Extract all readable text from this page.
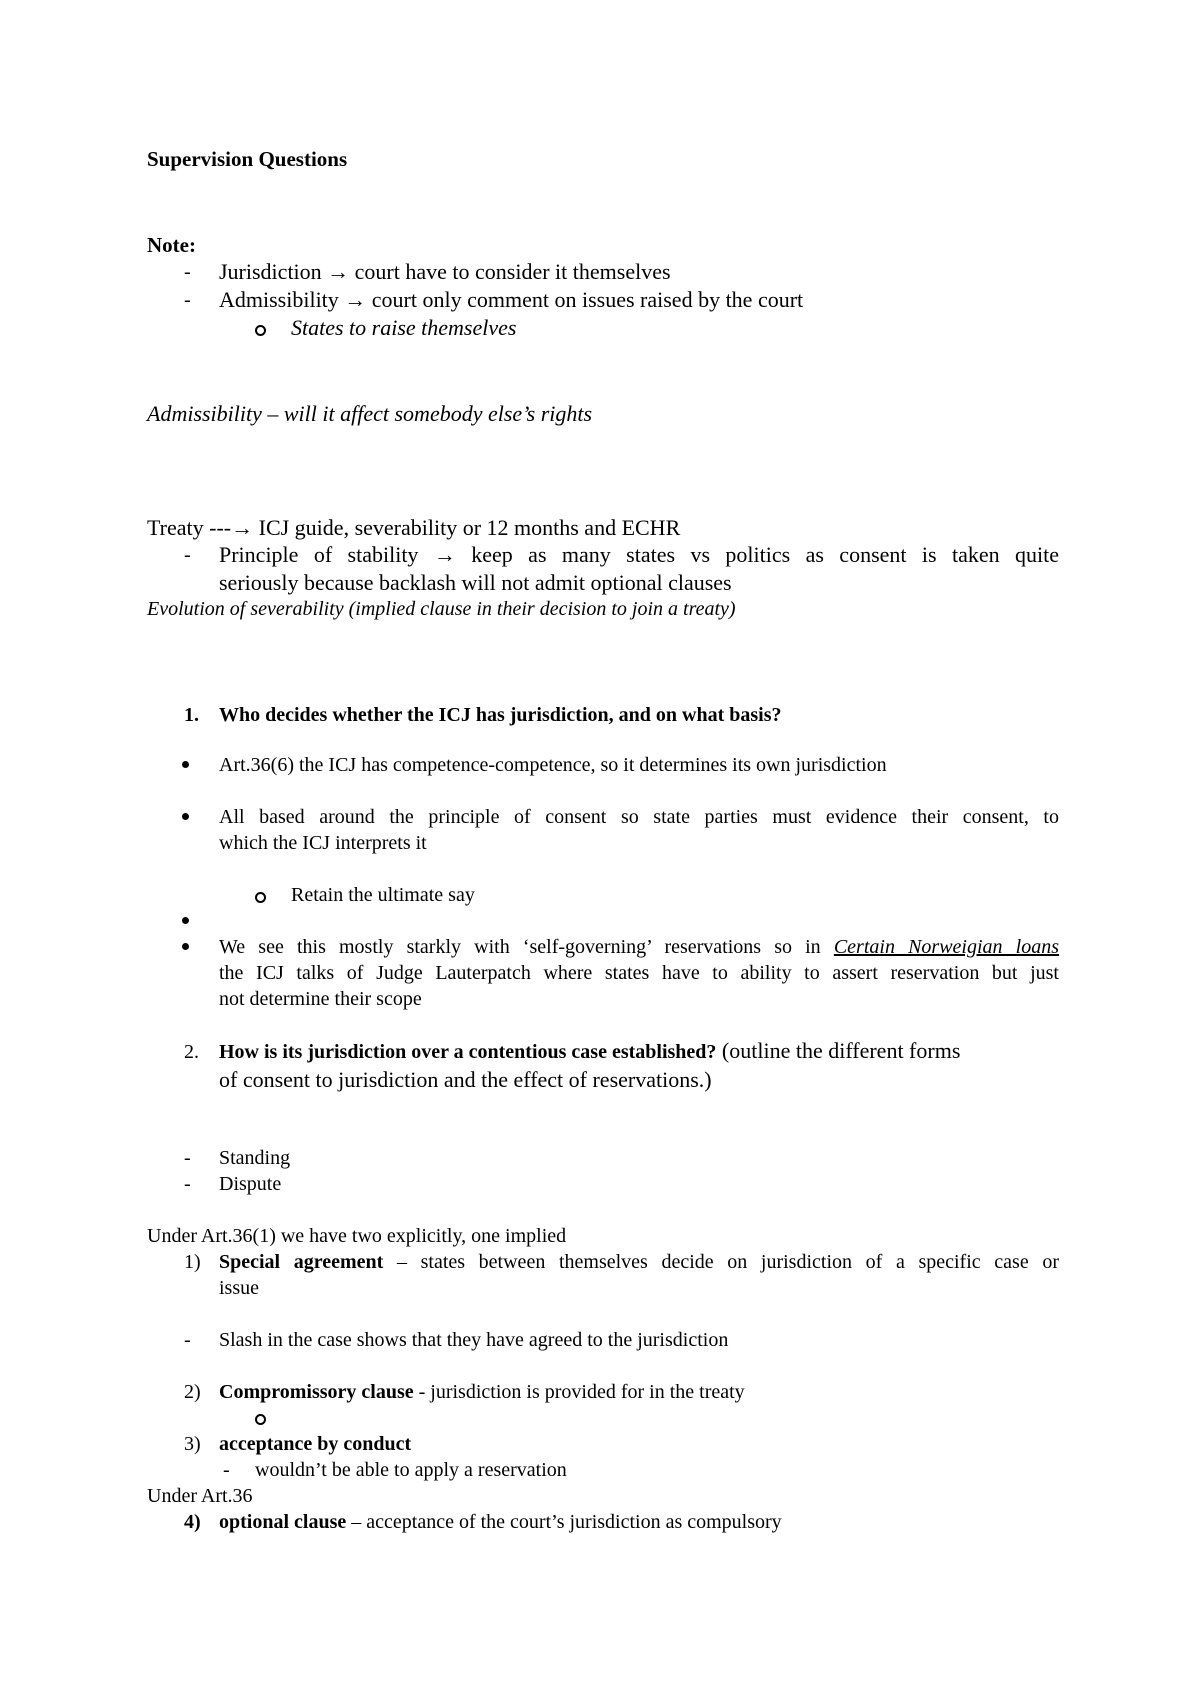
Supervision Questions
Note:
- Jurisdiction → court have to consider it themselves
- Admissibility → court only comment on issues raised by the court
States to raise themselves
Admissibility – will it affect somebody else’s rights
Treaty ---→ ICJ guide, severability or 12 months and ECHR
- Principle of stability → keep as many states vs politics as consent is taken quite
seriously because backlash will not admit optional clauses
Evolution of severability (implied clause in their decision to join a treaty)
1. Who decides whether the ICJ has jurisdiction, and on what basis?
Art.36(6) the ICJ has competence-competence, so it determines its own jurisdiction
All based around the principle of consent so state parties must evidence their consent, to
which the ICJ interprets it
Retain the ultimate say
We see this mostly starkly with ‘self-governing’ reservations so in Certain Norweigian loans
the ICJ talks of Judge Lauterpatch where states have to ability to assert reservation but just
not determine their scope
2. How is its jurisdiction over a contentious case established? (outline the different forms
of consent to jurisdiction and the effect of reservations.)
- Standing
- Dispute
Under Art.36(1) we have two explicitly, one implied
1) Special agreement – states between themselves decide on jurisdiction of a specific case or
issue
- Slash in the case shows that they have agreed to the jurisdiction
2) Compromissory clause - jurisdiction is provided for in the treaty
3) acceptance by conduct
- wouldn’t be able to apply a reservation
Under Art.36
4) optional clause – acceptance of the court’s jurisdiction as compulsory
